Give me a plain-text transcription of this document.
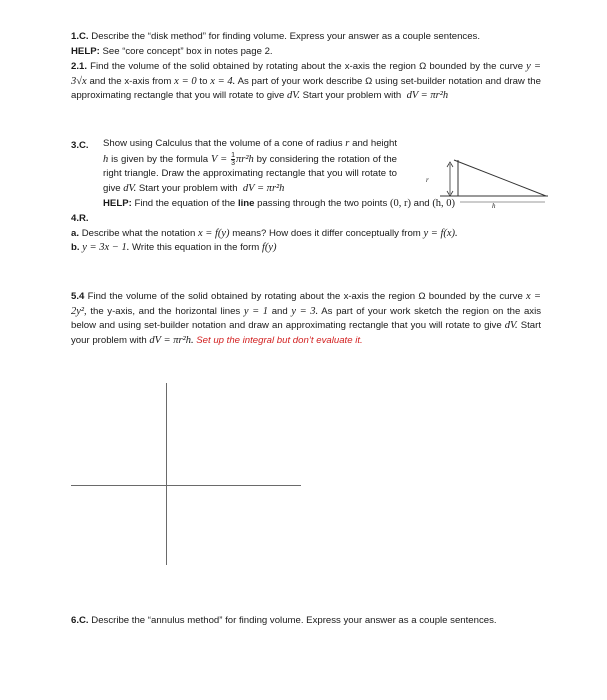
1.C. Describe the “disk method” for finding volume. Express your answer as a couple sentences.
HELP: See “core concept” box in notes page 2.
2.1. Find the volume of the solid obtained by rotating about the x-axis the region Ω bounded by the curve y = 3√x and the x-axis from x = 0 to x = 4. As part of your work describe Ω using set-builder notation and draw the approximating rectangle that you will rotate to give dV. Start your problem with dV = πr²h
3.C.	Show using Calculus that the volume of a cone of radius r and height h is given by the formula $V = \frac{1}{3} \pi r^2h$ by considering the rotation of the right triangle. Draw the approximating rectangle that you will rotate to give dV. Start your problem with dV = πr²h
r
h
HELP: Find the equation of the line passing through the two points (0, r) and (h, 0)
4.R.
a. Describe what the notation x = f(y) means? How does it differ conceptually from y = f(x).
b. y = 3x − 1. Write this equation in the form f(y)
5.4 Find the volume of the solid obtained by rotating about the x-axis the region Ω bounded by the curve x = 2y², the y-axis, and the horizontal lines y = 1 and y = 3. As part of your work sketch the region on the axis below and using set-builder notation and draw an approximating rectangle that you will rotate to give dV. Start your problem with dV = πr²h. Set up the integral but don’t evaluate it.
6.C. Describe the “annulus method” for finding volume. Express your answer as a couple sentences.
